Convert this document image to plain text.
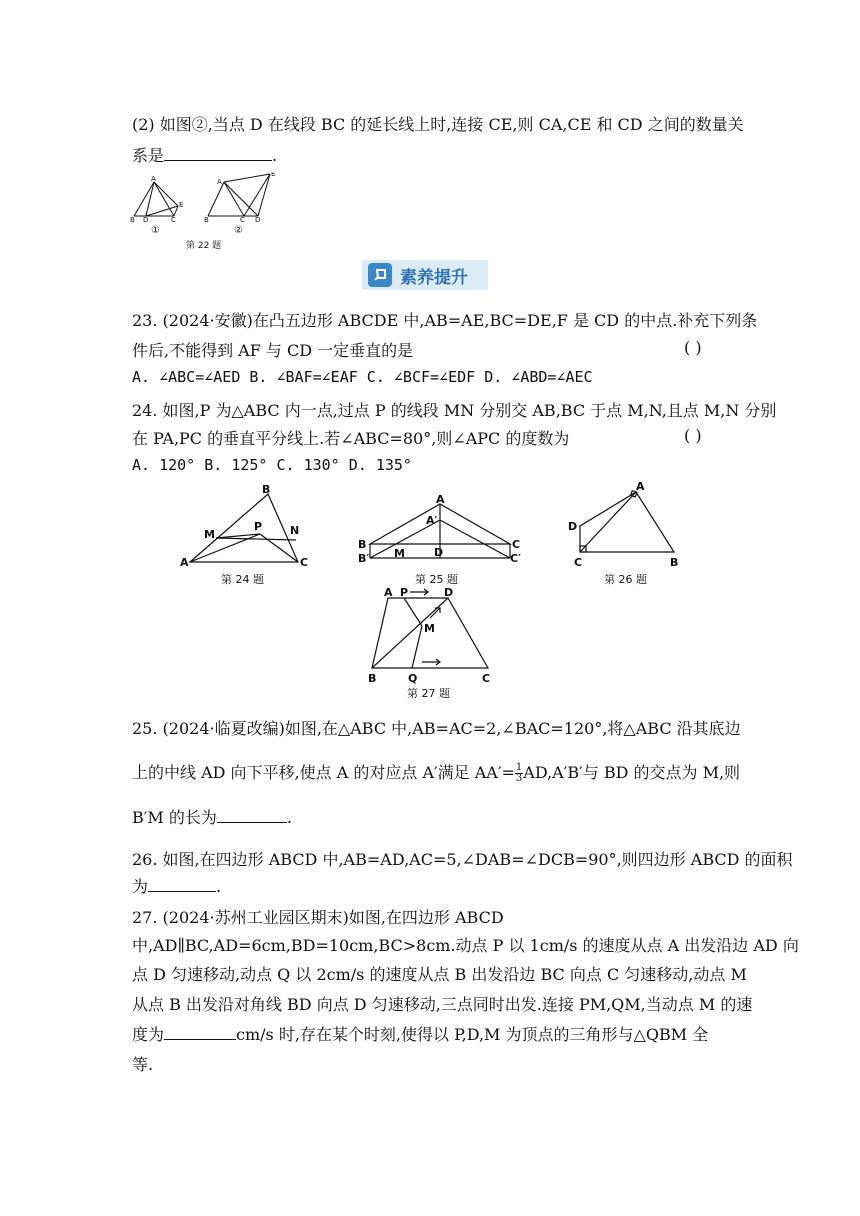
(2) 如图②,当点 D 在线段 BC 的延长线上时,连接 CE,则 CA,CE 和 CD 之间的数量关
系是	.
A
B D	C
E
A
B	C D
E
①	②
第 22 题
素养提升
23. (2024·安徽)在凸五边形 ABCDE 中,AB=AE,BC=DE,F 是 CD 的中点.补充下列条
件后,不能得到 AF 与 CD 一定垂直的是	( )
A. ∠ABC=∠AED B. ∠BAF=∠EAF C. ∠BCF=∠EDF D. ∠ABD=∠AEC
24. 如图,P 为△ABC 内一点,过点 P 的线段 MN 分别交 AB,BC 于点 M,N,且点 M,N 分别
在 PA,PC 的垂直平分线上.若∠ABC=80°,则∠APC 的度数为	( )
A. 120° B. 125° C. 130° D. 135°
B
A	C
M
P	N
第 24 题
A
A′
B
B′ M	D
C
C′
第 25 题
A
D
C	B
第 26 题
A P	D
M
B	Q	C
第 27 题
25. (2024·临夏改编)如图,在△ABC 中,AB=AC=2,∠BAC=120°,将△ABC 沿其底边
上的中线 AD 向下平移,使点 A 的对应点 A′满足 $AA'=\frac{1}{3}AD,A'B'$与 BD 的交点为 M,则
B′M 的长为	.
26. 如图,在四边形 ABCD 中,AB=AD,AC=5,∠DAB=∠DCB=90°,则四边形 ABCD 的面积
为	.
27. (2024·苏州工业园区期末)如图,在四边形 ABCD
中,AD∥BC,AD=6cm,BD=10cm,BC>8cm.动点 P 以 1cm/s 的速度从点 A 出发沿边 AD 向
点 D 匀速移动,动点 Q 以 2cm/s 的速度从点 B 出发沿边 BC 向点 C 匀速移动,动点 M
从点 B 出发沿对角线 BD 向点 D 匀速移动,三点同时出发.连接 PM,QM,当动点 M 的速
度为	cm/s 时,存在某个时刻,使得以 P,D,M 为顶点的三角形与△QBM 全
等.
